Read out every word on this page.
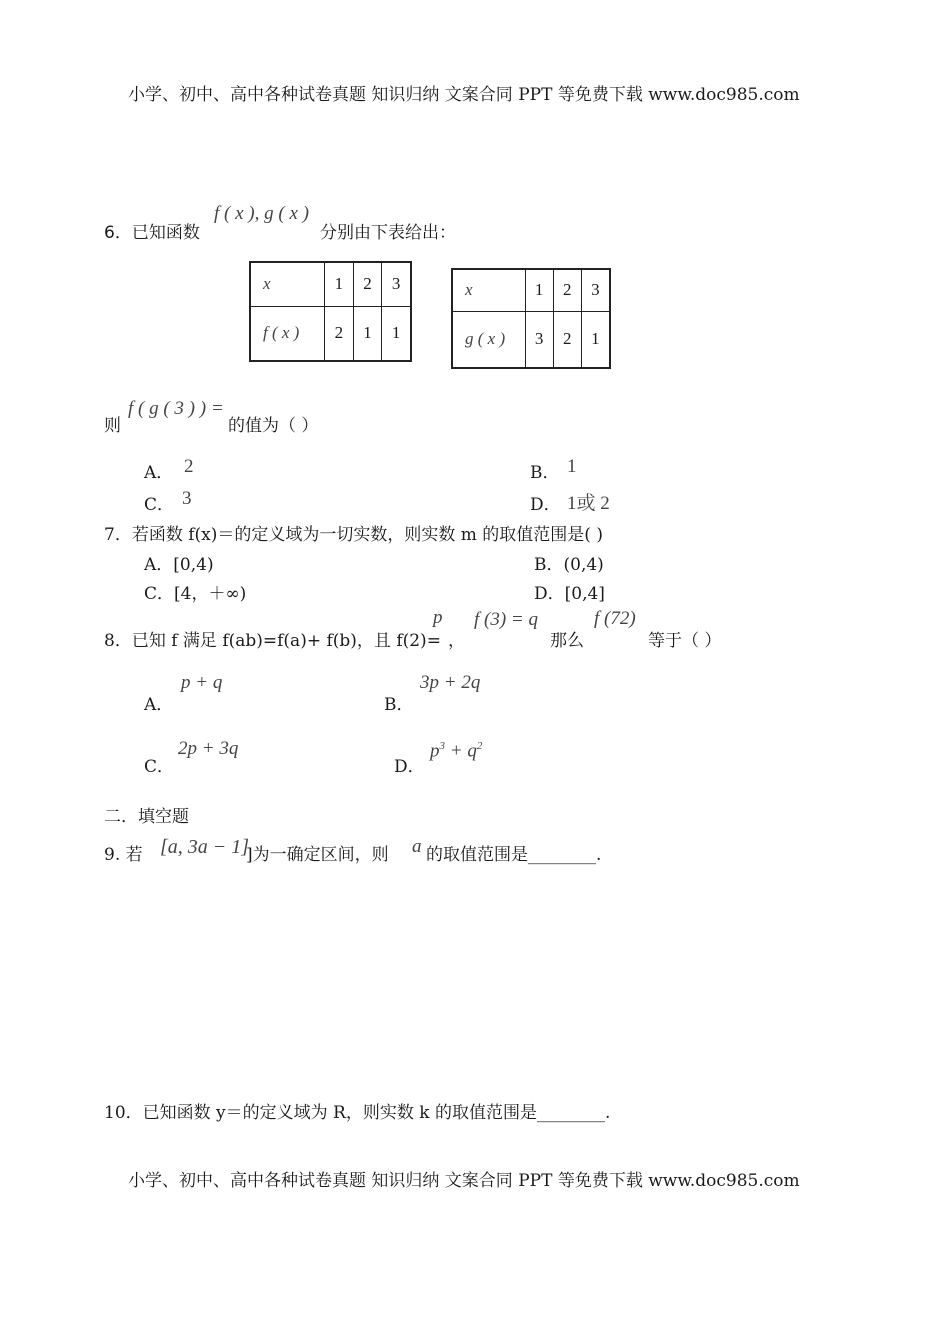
小学、初中、高中各种试卷真题 知识归纳 文案合同 PPT 等免费下载 www.doc985.com
6．已知函数
f ( x ), g ( x )
分别由下表给出：
x	1	2	3
f ( x )	2	1	1
x	1	2	3
g ( x )	3	2	1
则
f ( g ( 3 ) ) =
的值为（ ）
A． 2	B． 1
C． 3	D． 1或 2
7．若函数 f(x)＝的定义域为一切实数，则实数 m 的取值范围是( )
A．[0,4)	B．(0,4)
C．[4，＋∞)	D．[0,4]
8．已知 f 满足 f(ab)=f(a)+ f(b)，且 f(2)=
p
，
f (3) = q
那么
f (72)
等于（ ）
A．
p + q
B．
3p + 2q
C．
2p + 3q
D．
$p^3 + q^2$
二．填空题
9. 若 [a, 3a − 1]
]为一确定区间，则 a 的取值范围是________.
10．已知函数 y＝的定义域为 R，则实数 k 的取值范围是________.
小学、初中、高中各种试卷真题 知识归纳 文案合同 PPT 等免费下载 www.doc985.com
